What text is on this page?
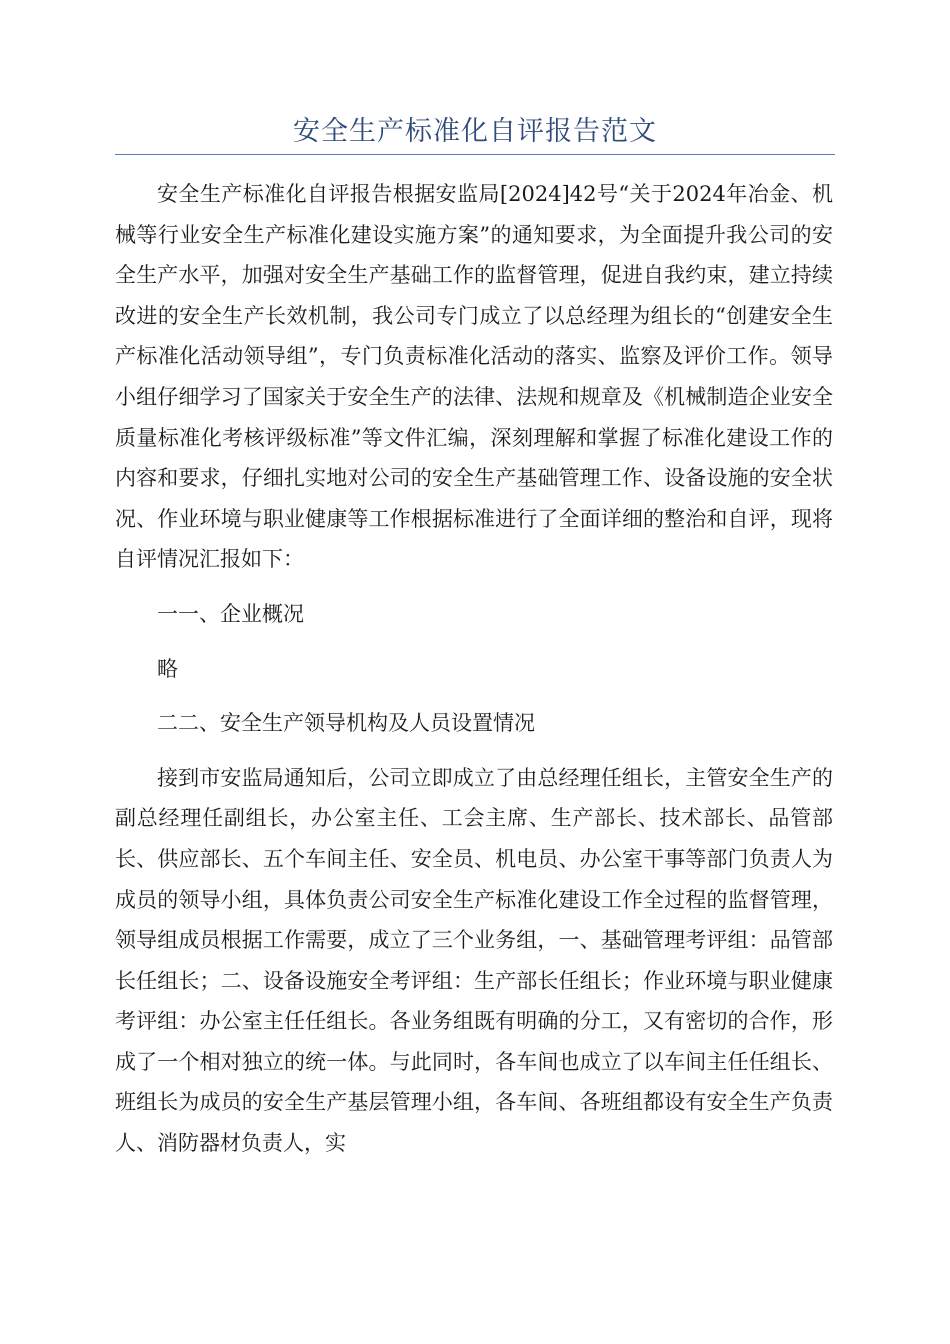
安全生产标准化自评报告范文

安全生产标准化自评报告根据安监局[2024]42号“关于2024年冶金、机械等行业安全生产标准化建设实施方案”的通知要求，为全面提升我公司的安全生产水平，加强对安全生产基础工作的监督管理，促进自我约束，建立持续改进的安全生产长效机制，我公司专门成立了以总经理为组长的“创建安全生产标准化活动领导组”，专门负责标准化活动的落实、监察及评价工作。领导小组仔细学习了国家关于安全生产的法律、法规和规章及《机械制造企业安全质量标准化考核评级标准”等文件汇编，深刻理解和掌握了标准化建设工作的内容和要求，仔细扎实地对公司的安全生产基础管理工作、设备设施的安全状况、作业环境与职业健康等工作根据标准进行了全面详细的整治和自评，现将自评情况汇报如下：

一一、企业概况

略

二二、安全生产领导机构及人员设置情况

接到市安监局通知后，公司立即成立了由总经理任组长，主管安全生产的副总经理任副组长，办公室主任、工会主席、生产部长、技术部长、品管部长、供应部长、五个车间主任、安全员、机电员、办公室干事等部门负责人为成员的领导小组，具体负责公司安全生产标准化建设工作全过程的监督管理，领导组成员根据工作需要，成立了三个业务组，一、基础管理考评组：品管部长任组长；二、设备设施安全考评组：生产部长任组长；作业环境与职业健康考评组：办公室主任任组长。各业务组既有明确的分工，又有密切的合作，形成了一个相对独立的统一体。与此同时，各车间也成立了以车间主任任组长、班组长为成员的安全生产基层管理小组，各车间、各班组都设有安全生产负责人、消防器材负责人，实
